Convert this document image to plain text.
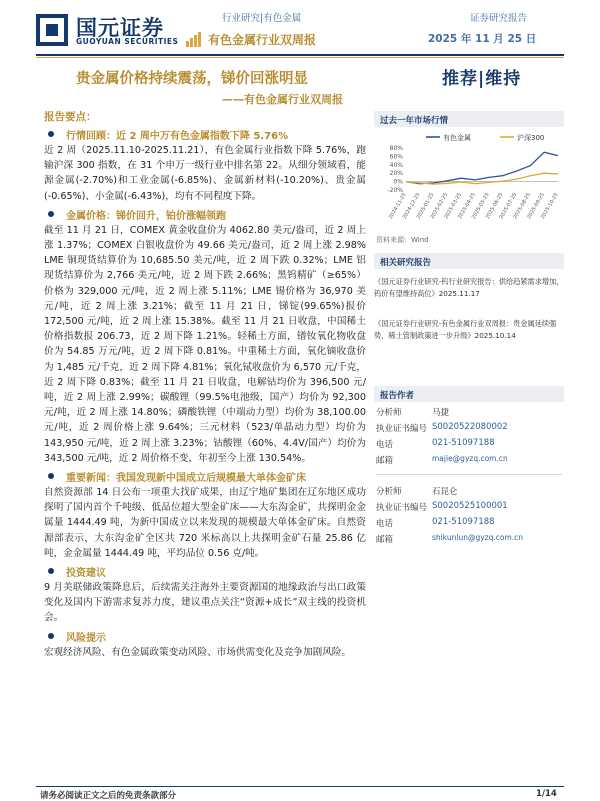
国元证券
GUOYUAN SECURITIES
行业研究|有色金属	证券研究报告
有色金属行业双周报	2025 年 11 月 25 日
贵金属价格持续震荡，锑价回涨明显
——有色金属行业双周报
推荐|维持
报告要点：
行情回顾：近 2 周中万有色金属指数下降 5.76%

近 2 周（2025.11.10-2025.11.21），有色金属行业指数下降 5.76%，跑输沪深 300 指数，在 31 个申万一级行业中排名第 22。从细分领域看，能源金属(-2.70%)和工业金属(-6.85%)、金属新材料(-10.20%)、贵金属 (-0.65%)、小金属(-6.43%)，均有不同程度下降。

金属价格：锑价回升，铂价涨幅领跑

截至 11 月 21 日，COMEX 黄金收盘价为 4062.80 美元/盎司，近 2 周上涨 1.37%；COMEX 白银收盘价为 49.66 美元/盎司，近 2 周上涨 2.98% LME 铜现货结算价为 10,685.50 美元/吨，近 2 周下跌 0.32%；LME 铝现货结算价为 2,766 美元/吨，近 2 周下跌 2.66%；黑钨精矿（≥65%）价格为 329,000 元/吨，近 2 周上涨 5.11%；LME 锡价格为 36,970 美元/吨，近 2 周上涨 3.21%；截至 11 月 21 日，锑锭(99.65%)报价 172,500 元/吨，近 2 周上涨 15.38%。截至 11 月 21 日收盘，中国稀土价格指数报 206.73，近 2 周下降 1.21%。轻稀土方面，镨钕氧化物收盘价为 54.85 万元/吨，近 2 周下降 0.81%。中重稀土方面，氧化镝收盘价为 1,485 元/千克，近 2 周下降 4.81%；氧化铽收盘价为 6,570 元/千克，近 2 周下降 0.83%；截至 11 月 21 日收盘，电解钴均价为 396,500 元/吨，近 2 周上涨 2.99%；碳酸锂（99.5%电池级，国产）均价为 92,300 元/吨，近 2 周上涨 14.80%；磷酸铁锂（中端动力型）均价为 38,100.00 元/吨，近 2 周价格上涨 9.64%；三元材料（523/单晶动力型）均价为 143,950 元/吨，近 2 周上涨 3.23%；钴酸锂（60%、4.4V/国产）均价为 343,500 元/吨，近 2 周价格不变，年初至今上涨 130.54%。

重要新闻：我国发现新中国成立后规模最大单体金矿床

自然资源部 14 日公布一项重大找矿成果，由辽宁地矿集团在辽东地区成功探明了国内首个千吨级、低品位超大型金矿床——大东沟金矿，共探明金金属量 1444.49 吨，为新中国成立以来发现的规模最大单体金矿床。自然资源部表示，大东沟金矿全区共 720 米标高以上共探明金矿石量 25.86 亿吨，金金属量 1444.49 吨，平均品位 0.56 克/吨。

投资建议

9 月美联储政策降息后，后续需关注海外主要资源国的地缘政治与出口政策变化及国内下游需求复苏力度，建议重点关注“资源+成长”双主线的投资机会。

风险提示

宏观经济风险、有色金属政策变动风险、市场供需变化及竞争加剧风险。

过去一年市场行情
有色金属	沪深300
80%
60%
40%
20%
0%
-20%
2024-11-25
2024-12-25
2025-01-25
2025-02-25
2025-03-25
2025-04-25
2025-05-25
2025-06-25
2025-07-25
2025-08-25
2025-09-25
2025-10-25
资料来源：Wind
相关研究报告
《国元证券行业研究-钨行业研究报告：供给趋紧需求增加，钨价有望维持高位》2025.11.17
《国元证券行业研究-有色金属行业双周报：贵金属延续强势，稀土管制政策进一步升级》2025.10.14
报告作者
分析师	马捷
执业证书编号 S0020522080002
电话	021-51097188
邮箱	majie@gyzq.com.cn
分析师	石昆仑
执业证书编号 S0020525100001
电话	021-51097188
邮箱	shikunlun@gyzq.com.cn
请务必阅读正文之后的免责条款部分	1/14
